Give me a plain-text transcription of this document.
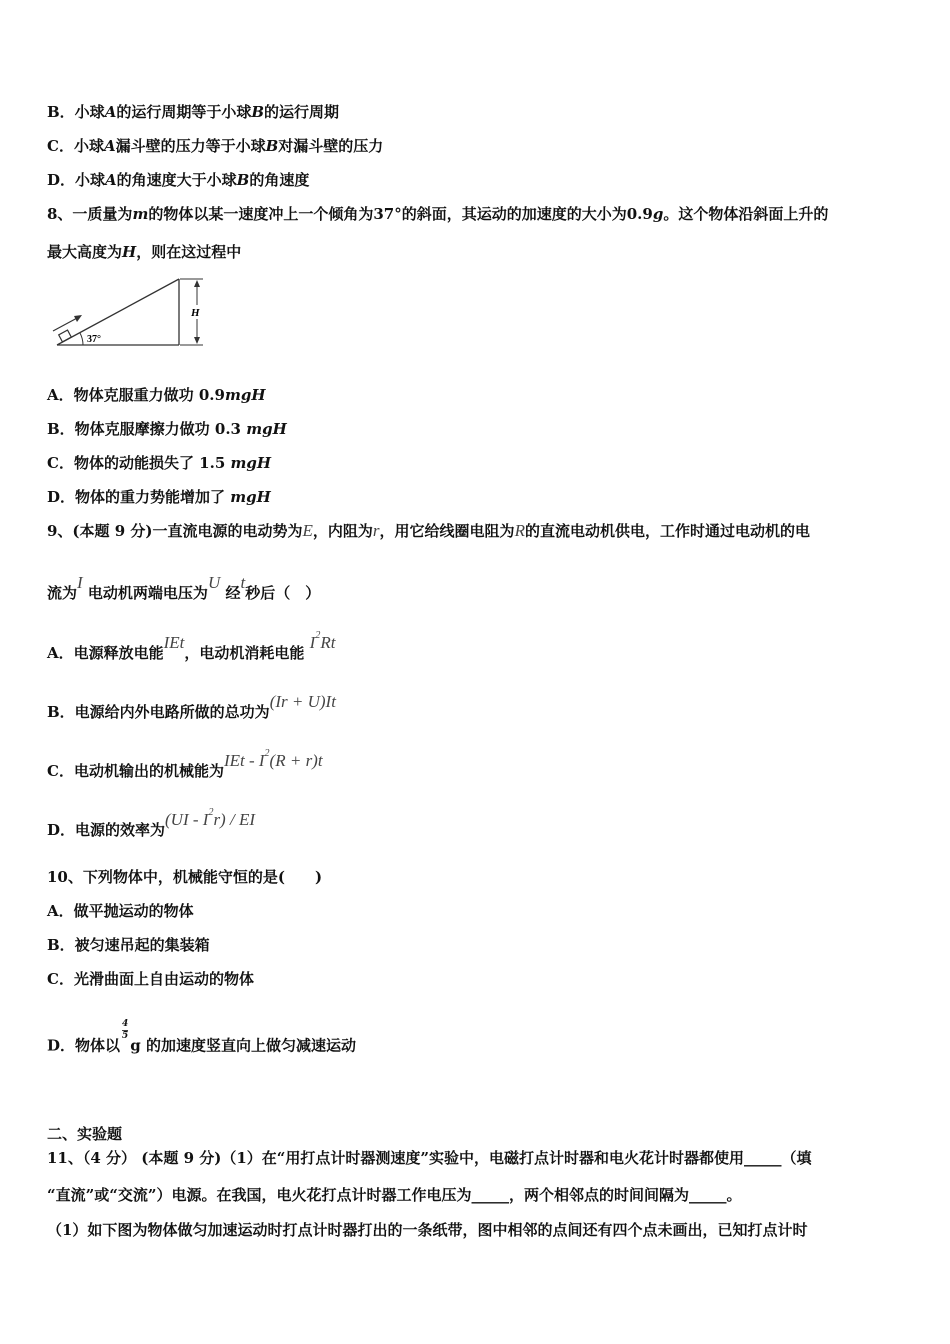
B．小球A的运行周期等于小球B的运行周期
C．小球A漏斗壁的压力等于小球B对漏斗壁的压力
D．小球A的角速度大于小球B的角速度
8、一质量为m的物体以某一速度冲上一个倾角为37°的斜面，其运动的加速度的大小为0.9g。这个物体沿斜面上升的
最大高度为H，则在这过程中
H
37°
A．物体克服重力做功 0.9mgH
B．物体克服摩擦力做功 0.3 mgH
C．物体的动能损失了 1.5 mgH
D．物体的重力势能增加了 mgH
9、(本题 9 分)一直流电源的电动势为E，内阻为r，用它给线圈电阻为R的直流电动机供电，工作时通过电动机的电
流为I 电动机两端电压为U 经t秒后（　）
A．电源释放电能IEt，电动机消耗电能 $I^2Rt$
B．电源给内外电路所做的总功为(Ir + U)It
C．电动机输出的机械能为IEt - $I^2(R + r)t$
D．电源的效率为$(UI - I^2r)$ / EI
10、下列物体中，机械能守恒的是(　　)
A．做平抛运动的物体
B．被匀速吊起的集装箱
C．光滑曲面上自由运动的物体
D．物体以$\frac{4}{5}$
g 的加速度竖直向上做匀减速运动
二、实验题
11、（4 分） (本题 9 分)（1）在“用打点计时器测速度”实验中，电磁打点计时器和电火花计时器都使用_____（填
“直流”或“交流”）电源。在我国，电火花打点计时器工作电压为_____，两个相邻点的时间间隔为_____。
（1）如下图为物体做匀加速运动时打点计时器打出的一条纸带，图中相邻的点间还有四个点未画出，已知打点计时
